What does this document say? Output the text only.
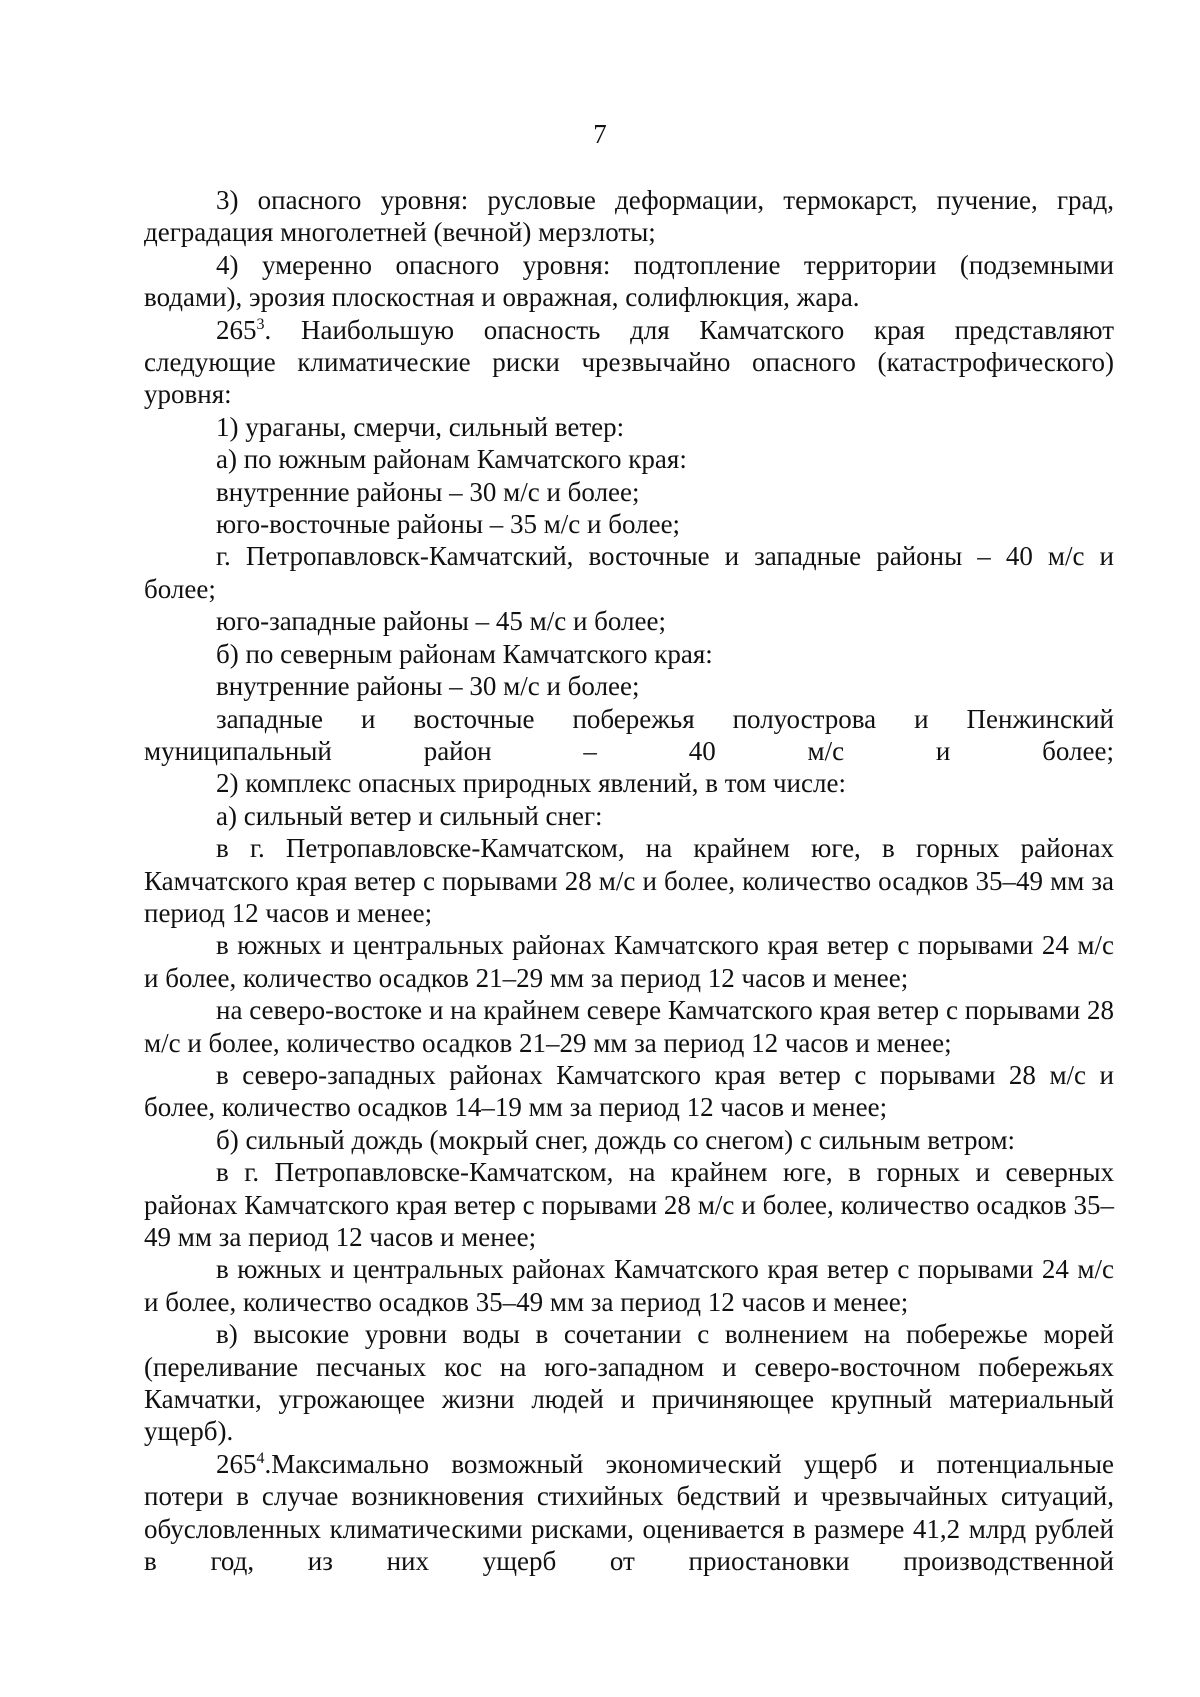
7

3) опасного уровня: русловые деформации, термокарст, пучение, град, деградация многолетней (вечной) мерзлоты;

4) умеренно опасного уровня: подтопление территории (подземными водами), эрозия плоскостная и овражная, солифлюкция, жара.

$265^3$. Наибольшую опасность для Камчатского края представляют следующие климатические риски чрезвычайно опасного (катастрофического) уровня:

1) ураганы, смерчи, сильный ветер:

а) по южным районам Камчатского края:

внутренние районы – 30 м/с и более;

юго-восточные районы – 35 м/с и более;

г. Петропавловск-Камчатский, восточные и западные районы – 40 м/с и более;

юго-западные районы – 45 м/с и более;

б) по северным районам Камчатского края:

внутренние районы – 30 м/с и более;

западные и восточные побережья полуострова и Пенжинский муниципальный район – 40 м/с и более;

2) комплекс опасных природных явлений, в том числе:

а) сильный ветер и сильный снег:

в г. Петропавловске-Камчатском, на крайнем юге, в горных районах Камчатского края ветер с порывами 28 м/с и более, количество осадков 35–49 мм за период 12 часов и менее;

в южных и центральных районах Камчатского края ветер с порывами 24 м/с и более, количество осадков 21–29 мм за период 12 часов и менее;

на северо-востоке и на крайнем севере Камчатского края ветер с порывами 28 м/с и более, количество осадков 21–29 мм за период 12 часов и менее;

в северо-западных районах Камчатского края ветер с порывами 28 м/с и более, количество осадков 14–19 мм за период 12 часов и менее;

б) сильный дождь (мокрый снег, дождь со снегом) с сильным ветром:

в г. Петропавловске-Камчатском, на крайнем юге, в горных и северных районах Камчатского края ветер с порывами 28 м/с и более, количество осадков 35–49 мм за период 12 часов и менее;

в южных и центральных районах Камчатского края ветер с порывами 24 м/с и более, количество осадков 35–49 мм за период 12 часов и менее;

в) высокие уровни воды в сочетании с волнением на побережье морей (переливание песчаных кос на юго-западном и северо-восточном побережьях Камчатки, угрожающее жизни людей и причиняющее крупный материальный ущерб).

$265^4.Максимально$ возможный экономический ущерб и потенциальные потери в случае возникновения стихийных бедствий и чрезвычайных ситуаций, обусловленных климатическими рисками, оценивается в размере 41,2 млрд рублей в год, из них ущерб от приостановки производственной
